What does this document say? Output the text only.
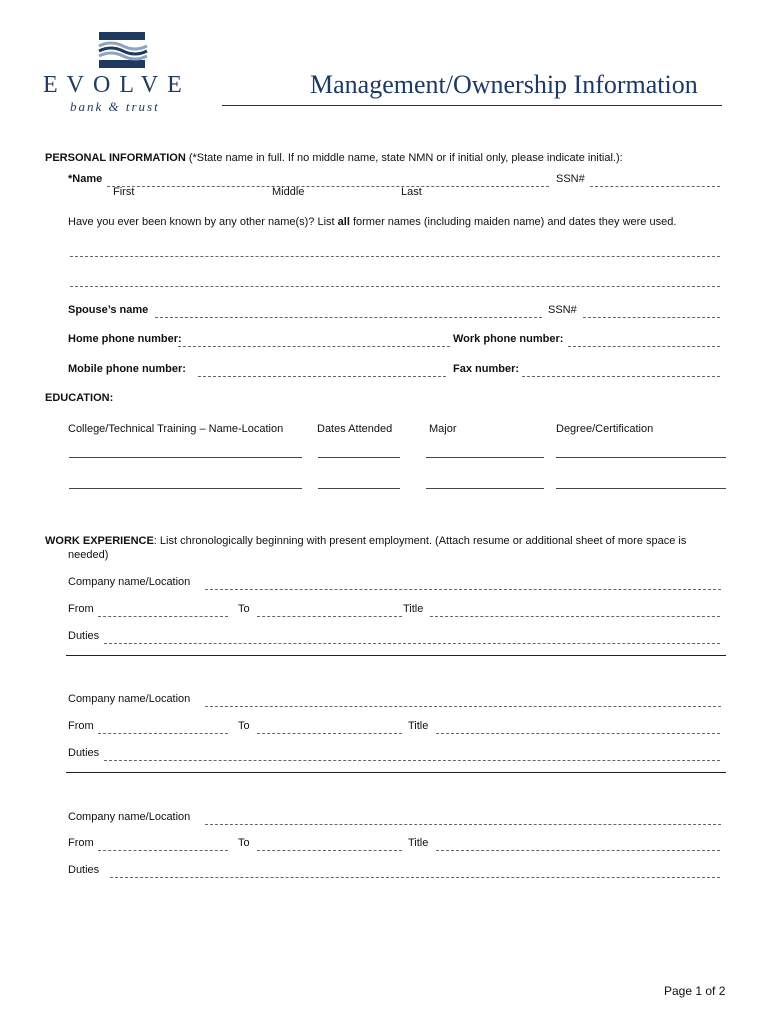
EVOLVE
bank & trust
Management/Ownership Information
PERSONAL INFORMATION (*State name in full. If no middle name, state NMN or if initial only, please indicate initial.):
*Name	SSN#
First	Middle	Last
Have you ever been known by any other name(s)? List all former names (including maiden name) and dates they were used.
Spouse’s name	SSN#
Home phone number:	Work phone number:
Mobile phone number:	Fax number:
EDUCATION:
College/Technical Training – Name-Location	Dates Attended	Major	Degree/Certification
WORK EXPERIENCE: List chronologically beginning with present employment. (Attach resume or additional sheet of more space is
needed)
Company name/Location
From	To	Title
Duties
Company name/Location
From	To	Title
Duties
Company name/Location
From	To	Title
Duties
Page 1 of 2
